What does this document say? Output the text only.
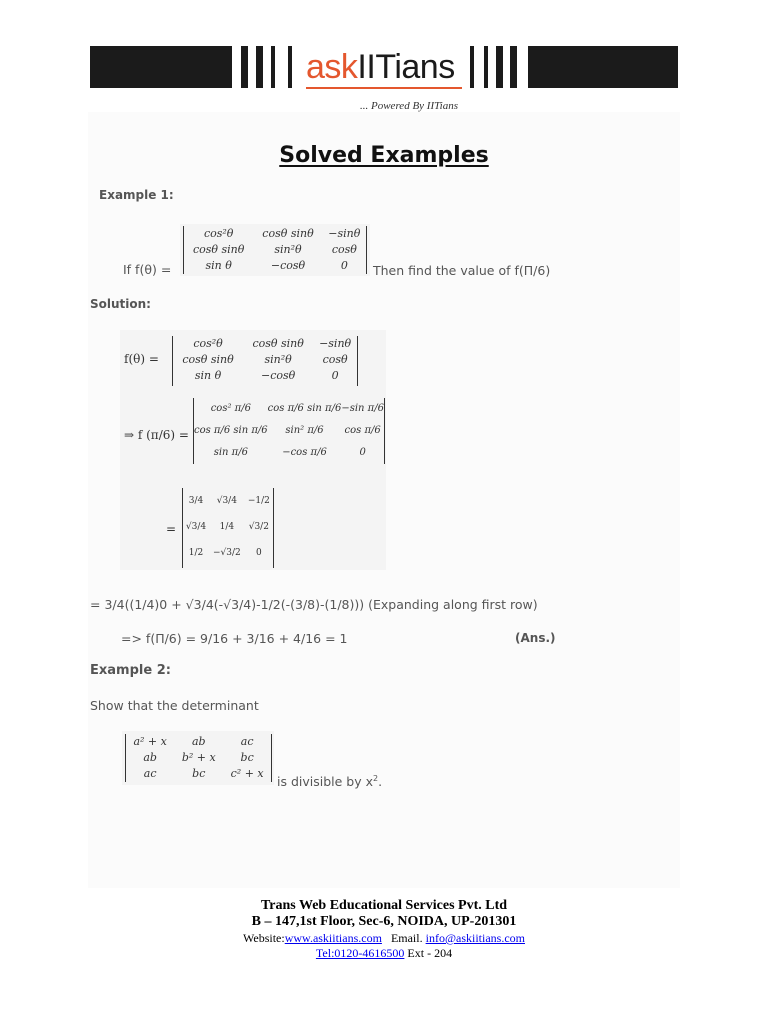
askIITians
... Powered By IITians
Solved Examples
Example 1:
If f(θ) =
cos²θ	cosθ sinθ	−sinθ
cosθ sinθ	sin²θ	cosθ
sin θ	−cosθ	0 Then find the value of f(Π/6)
Solution:
f(θ) =
cos²θ	cosθ sinθ	−sinθ
cosθ sinθ	sin²θ	cosθ
sin θ	−cosθ	0
⇒ f (π/6) =
cos² π/6	cos π/6 sin π/6	−sin π/6
cos π/6 sin π/6	sin² π/6	cos π/6
sin π/6	−cos π/6	0
=
3/4	√3/4	−1/2
√3/4	1/4	√3/2
1/2	−√3/2	0
= 3/4((1/4)0 + √3/4(-√3/4)-1/2(-(3/8)-(1/8))) (Expanding along first row)
=> f(Π/6) = 9/16 + 3/16 + 4/16 = 1	(Ans.)
Example 2:
Show that the determinant
a² + x	ab	ac
ab	b² + x	bc
ac	bc	c² + x
is divisible by $x^2$.
Trans Web Educational Services Pvt. Ltd
B – 147,1st Floor, Sec-6, NOIDA, UP-201301
Website:www.askiitians.com Email. info@askiitians.com
Tel:0120-4616500 Ext - 204
